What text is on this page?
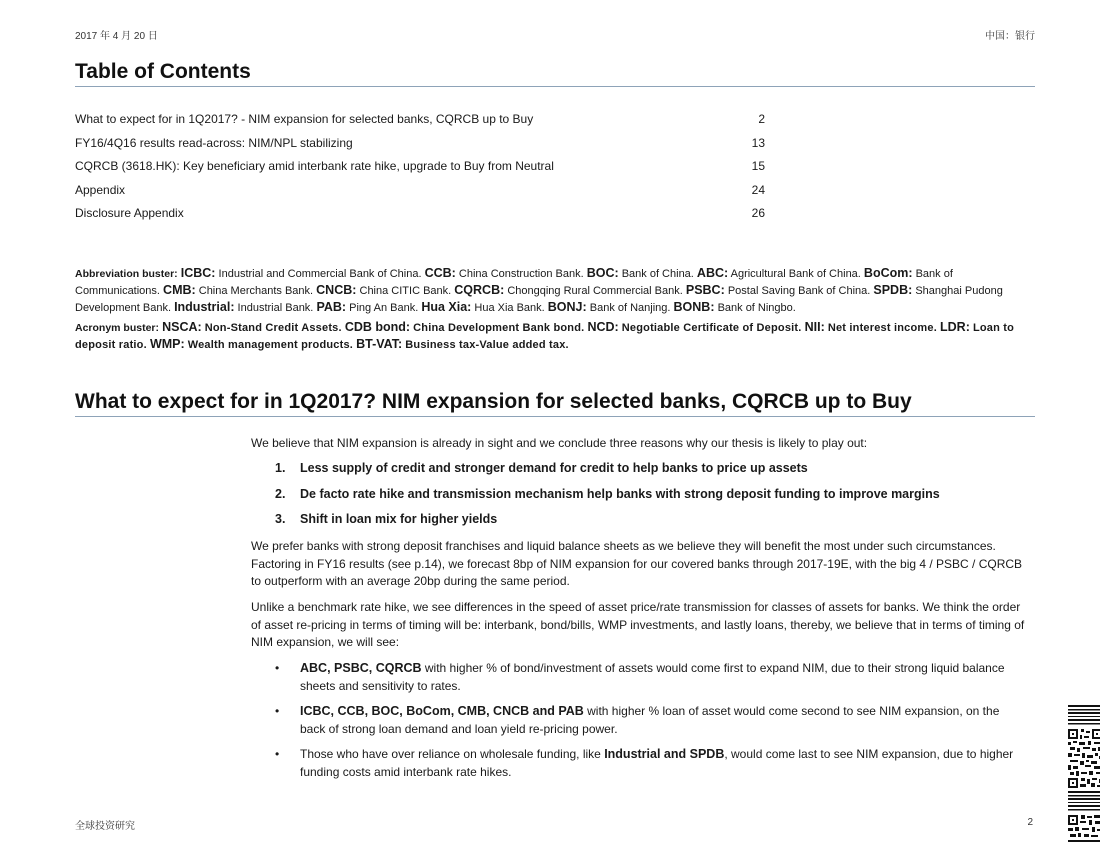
2017 年 4 月 20 日	中国：银行
Table of Contents
What to expect for in 1Q2017? - NIM expansion for selected banks, CQRCB up to Buy	2
FY16/4Q16 results read-across: NIM/NPL stabilizing	13
CQRCB (3618.HK): Key beneficiary amid interbank rate hike, upgrade to Buy from Neutral	15
Appendix	24
Disclosure Appendix	26
Abbreviation buster: ICBC: Industrial and Commercial Bank of China. CCB: China Construction Bank. BOC: Bank of China. ABC: Agricultural Bank of China. BoCom: Bank of Communications. CMB: China Merchants Bank. CNCB: China CITIC Bank. CQRCB: Chongqing Rural Commercial Bank. PSBC: Postal Saving Bank of China. SPDB: Shanghai Pudong Development Bank. Industrial: Industrial Bank. PAB: Ping An Bank. Hua Xia: Hua Xia Bank. BONJ: Bank of Nanjing. BONB: Bank of Ningbo.
Acronym buster: NSCA: Non-Stand Credit Assets. CDB bond: China Development Bank bond. NCD: Negotiable Certificate of Deposit. NII: Net interest income. LDR: Loan to deposit ratio. WMP: Wealth management products. BT-VAT: Business tax-Value added tax.
What to expect for in 1Q2017? NIM expansion for selected banks, CQRCB up to Buy
We believe that NIM expansion is already in sight and we conclude three reasons why our thesis is likely to play out:
1. Less supply of credit and stronger demand for credit to help banks to price up assets
2. De facto rate hike and transmission mechanism help banks with strong deposit funding to improve margins
3. Shift in loan mix for higher yields
We prefer banks with strong deposit franchises and liquid balance sheets as we believe they will benefit the most under such circumstances. Factoring in FY16 results (see p.14), we forecast 8bp of NIM expansion for our covered banks through 2017-19E, with the big 4 / PSBC / CQRCB to outperform with an average 20bp during the same period.
Unlike a benchmark rate hike, we see differences in the speed of asset price/rate transmission for classes of assets for banks. We think the order of asset re-pricing in terms of timing will be: interbank, bond/bills, WMP investments, and lastly loans, thereby, we believe that in terms of timing of NIM expansion, we will see:
•	ABC, PSBC, CQRCB with higher % of bond/investment of assets would come first to expand NIM, due to their strong liquid balance sheets and sensitivity to rates.
•	ICBC, CCB, BOC, BoCom, CMB, CNCB and PAB with higher % loan of asset would come second to see NIM expansion, on the back of strong loan demand and loan yield re-pricing power.
•	Those who have over reliance on wholesale funding, like Industrial and SPDB, would come last to see NIM expansion, due to higher funding costs amid interbank rate hikes.
全球投资研究	2
